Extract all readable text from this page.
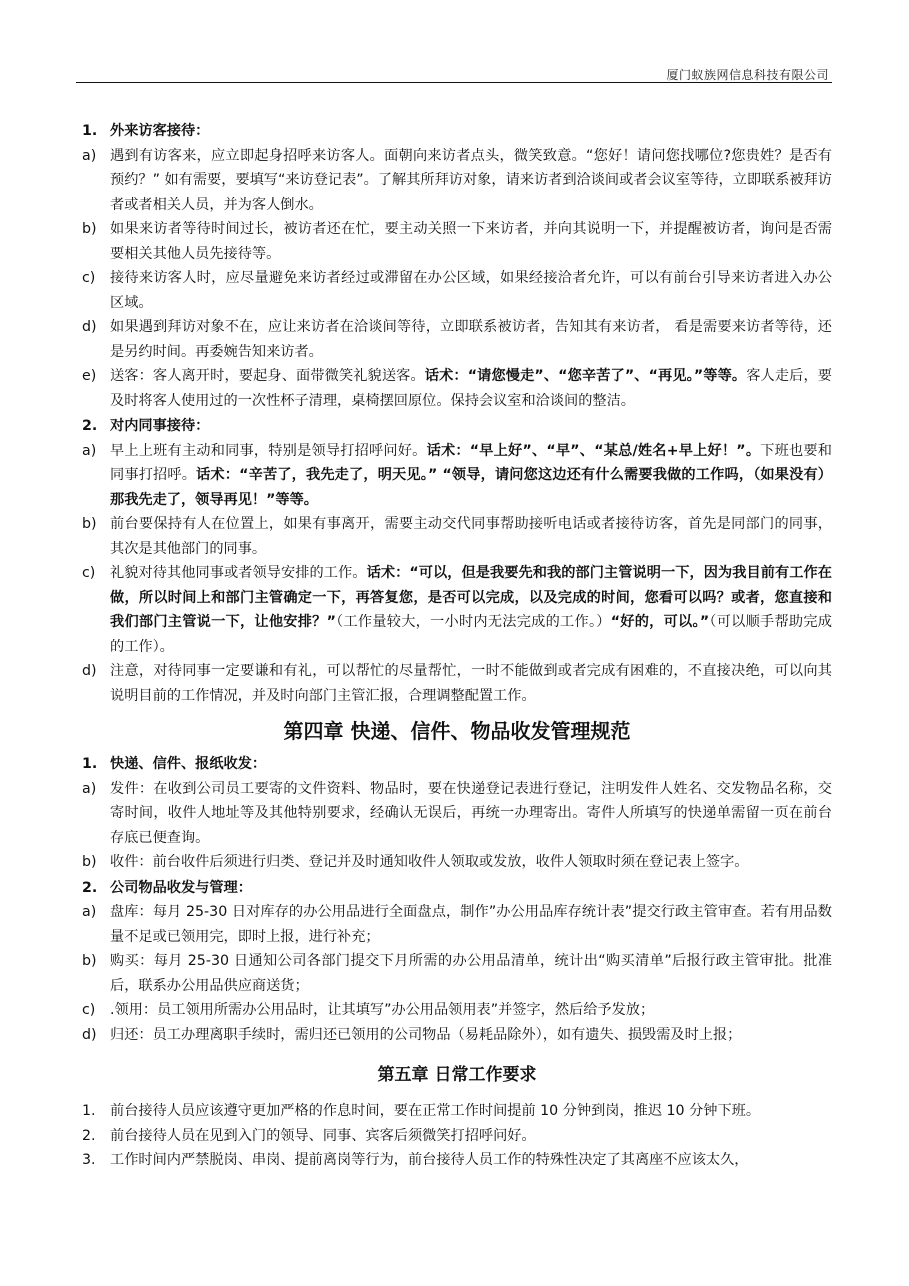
厦门蚁族网信息科技有限公司
1. 外来访客接待：
a) 遇到有访客来，应立即起身招呼来访客人。面朝向来访者点头，微笑致意。“您好！请问您找哪位?您贵姓？是否有预约？” 如有需要，要填写“来访登记表”。了解其所拜访对象，请来访者到洽谈间或者会议室等待，立即联系被拜访者或者相关人员，并为客人倒水。
b) 如果来访者等待时间过长，被访者还在忙，要主动关照一下来访者，并向其说明一下，并提醒被访者，询问是否需要相关其他人员先接待等。
c)	接待来访客人时，应尽量避免来访者经过或滞留在办公区域，如果经接洽者允许，可以有前台引导来访者进入办公区域。
d) 如果遇到拜访对象不在，应让来访者在洽谈间等待，立即联系被访者，告知其有来访者， 看是需要来访者等待，还是另约时间。再委婉告知来访者。
e) 送客：客人离开时，要起身、面带微笑礼貌送客。话术：“请您慢走”、“您辛苦了”、“再见。”等等。客人走后，要及时将客人使用过的一次性杯子清理，桌椅摆回原位。保持会议室和洽谈间的整洁。
2. 对内同事接待：
a) 早上上班有主动和同事，特别是领导打招呼问好。话术：“早上好”、“早”、“某总/姓名+早上好！”。下班也要和同事打招呼。话术：“辛苦了，我先走了，明天见。” “领导，请问您这边还有什么需要我做的工作吗，（如果没有）那我先走了，领导再见！”等等。
b) 前台要保持有人在位置上，如果有事离开，需要主动交代同事帮助接听电话或者接待访客，首先是同部门的同事，其次是其他部门的同事。
c)	礼貌对待其他同事或者领导安排的工作。话术：“可以，但是我要先和我的部门主管说明一下，因为我目前有工作在做，所以时间上和部门主管确定一下，再答复您，是否可以完成，以及完成的时间，您看可以吗？或者，您直接和我们部门主管说一下，让他安排？”（工作量较大，一小时内无法完成的工作。）“好的，可以。”（可以顺手帮助完成的工作）。
d) 注意，对待同事一定要谦和有礼，可以帮忙的尽量帮忙，一时不能做到或者完成有困难的，不直接决绝，可以向其说明目前的工作情况，并及时向部门主管汇报，合理调整配置工作。
第四章 快递、信件、物品收发管理规范
1. 快递、信件、报纸收发：
a) 发件：在收到公司员工要寄的文件资料、物品时，要在快递登记表进行登记，注明发件人姓名、交发物品名称，交寄时间，收件人地址等及其他特别要求，经确认无误后，再统一办理寄出。寄件人所填写的快递单需留一页在前台存底已便查询。
b) 收件：前台收件后须进行归类、登记并及时通知收件人领取或发放，收件人领取时须在登记表上签字。
2. 公司物品收发与管理：
a) 盘库：每月 25-30 日对库存的办公用品进行全面盘点，制作”办公用品库存统计表”提交行政主管审查。若有用品数量不足或已领用完，即时上报，进行补充；
b) 购买：每月 25-30 日通知公司各部门提交下月所需的办公用品清单，统计出“购买清单”后报行政主管审批。批准后，联系办公用品供应商送货；
c)	.领用：员工领用所需办公用品时，让其填写”办公用品领用表”并签字，然后给予发放；
d) 归还：员工办理离职手续时，需归还已领用的公司物品（易耗品除外），如有遗失、损毁需及时上报；
第五章 日常工作要求
1.	前台接待人员应该遵守更加严格的作息时间，要在正常工作时间提前 10 分钟到岗，推迟 10 分钟下班。
2.	前台接待人员在见到入门的领导、同事、宾客后须微笑打招呼问好。
3.	工作时间内严禁脱岗、串岗、提前离岗等行为，前台接待人员工作的特殊性决定了其离座不应该太久，
